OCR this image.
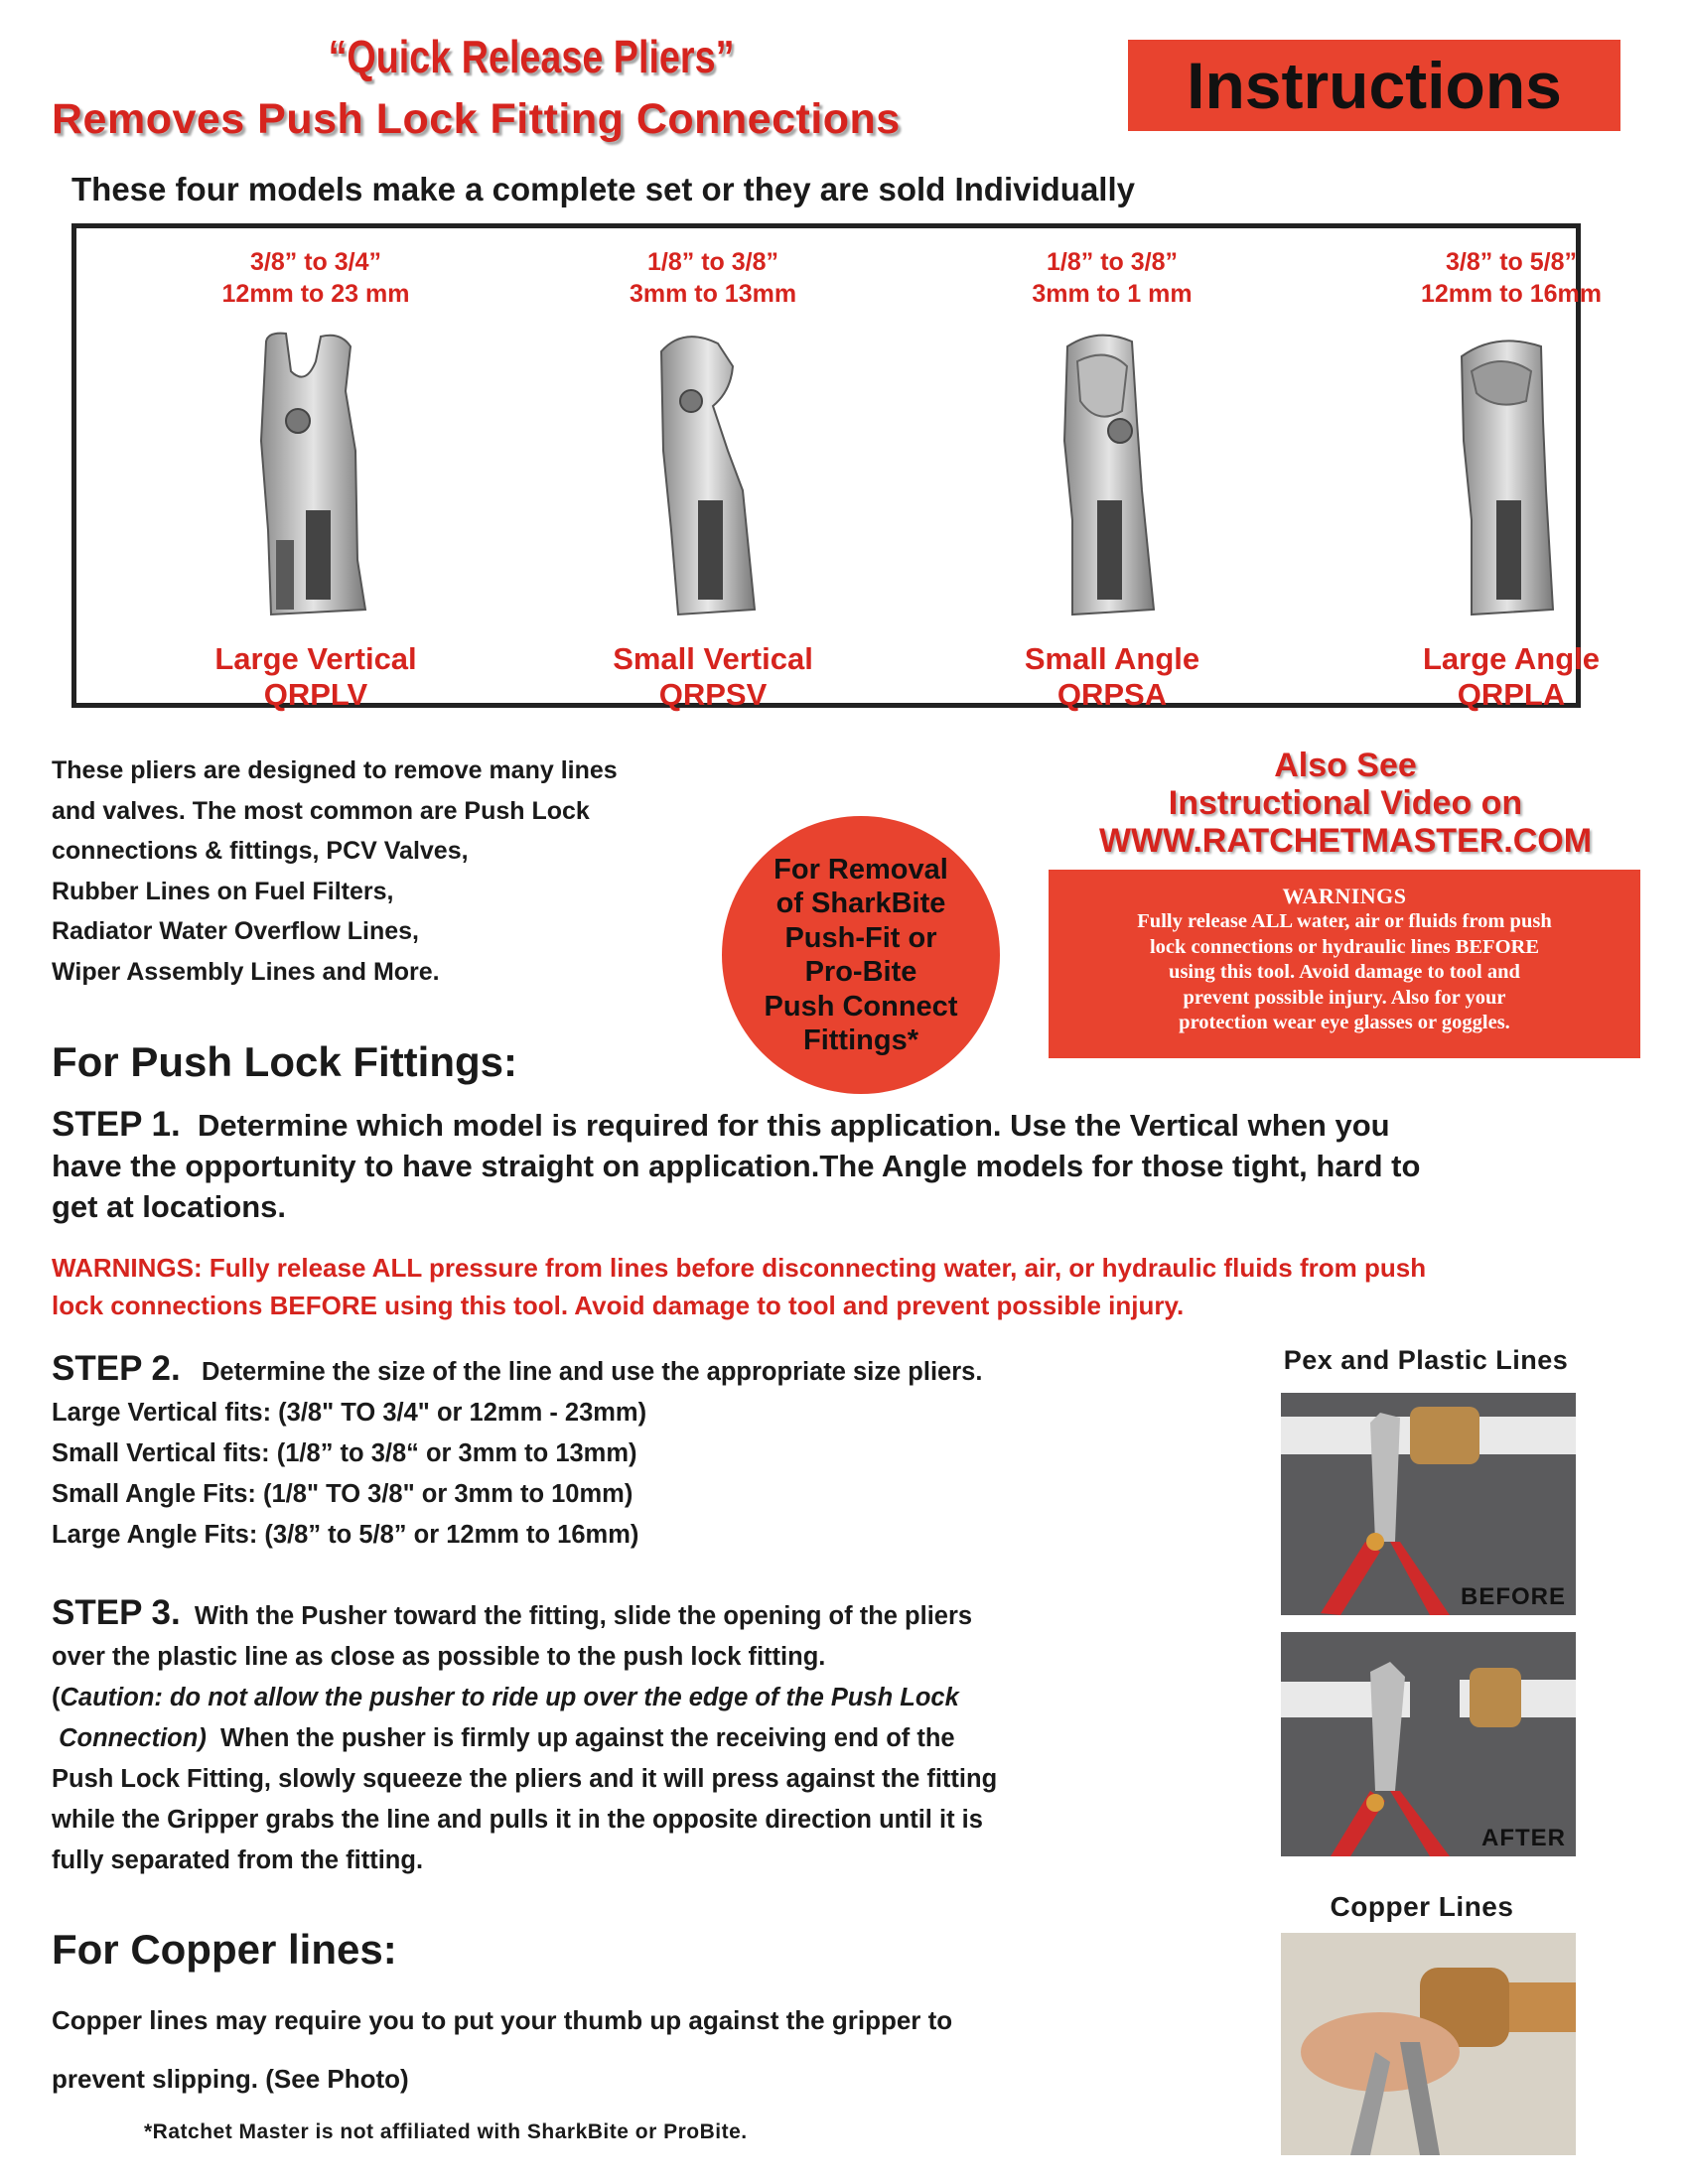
“Quick Release Pliers”
Removes Push Lock Fitting Connections	Instructions
These four models make a complete set or they are sold Individually
3/8” to 3/4”
12mm to 23 mm
Large Vertical
QRPLV
1/8” to 3/8”
3mm to 13mm
Small Vertical
QRPSV
1/8” to 3/8”
3mm to 1 mm
Small Angle
QRPSA
3/8” to 5/8”
12mm to 16mm
Large Angle
QRPLA
These pliers are designed to remove many lines
and valves. The most common are Push Lock
connections & fittings, PCV Valves,
Rubber Lines on Fuel Filters,
Radiator Water Overflow Lines,
Wiper Assembly Lines and More.
For Removal
of SharkBite
Push-Fit or
Pro-Bite
Push Connect
Fittings*
Also See
Instructional Video on
WWW.RATCHETMASTER.COM
WARNINGS
Fully release ALL water, air or fluids from push
lock connections or hydraulic lines BEFORE
using this tool. Avoid damage to tool and
prevent possible injury. Also for your
protection wear eye glasses or goggles.
For Push Lock Fittings:
STEP 1. Determine which model is required for this application. Use the Vertical when you
have the opportunity to have straight on application.The Angle models for those tight, hard to
get at locations.
WARNINGS: Fully release ALL pressure from lines before disconnecting water, air, or hydraulic fluids from push
lock connections BEFORE using this tool. Avoid damage to tool and prevent possible injury.
STEP 2. Determine the size of the line and use the appropriate size pliers.
Large Vertical fits: (3/8" TO 3/4" or 12mm - 23mm)
Small Vertical fits: (1/8” to 3/8“ or 3mm to 13mm)
Small Angle Fits: (1/8" TO 3/8" or 3mm to 10mm)
Large Angle Fits: (3/8” to 5/8” or 12mm to 16mm)
STEP 3. With the Pusher toward the fitting, slide the opening of the pliers
over the plastic line as close as possible to the push lock fitting.
(Caution: do not allow the pusher to ride up over the edge of the Push Lock
Connection)  When the pusher is firmly up against the receiving end of the
Push Lock Fitting, slowly squeeze the pliers and it will press against the fitting
while the Gripper grabs the line and pulls it in the opposite direction until it is
fully separated from the fitting.
For Copper lines:
Copper lines may require you to put your thumb up against the gripper to
prevent slipping. (See Photo)
*Ratchet Master is not affiliated with SharkBite or ProBite.
Pex and Plastic Lines
BEFORE
AFTER
Copper Lines
